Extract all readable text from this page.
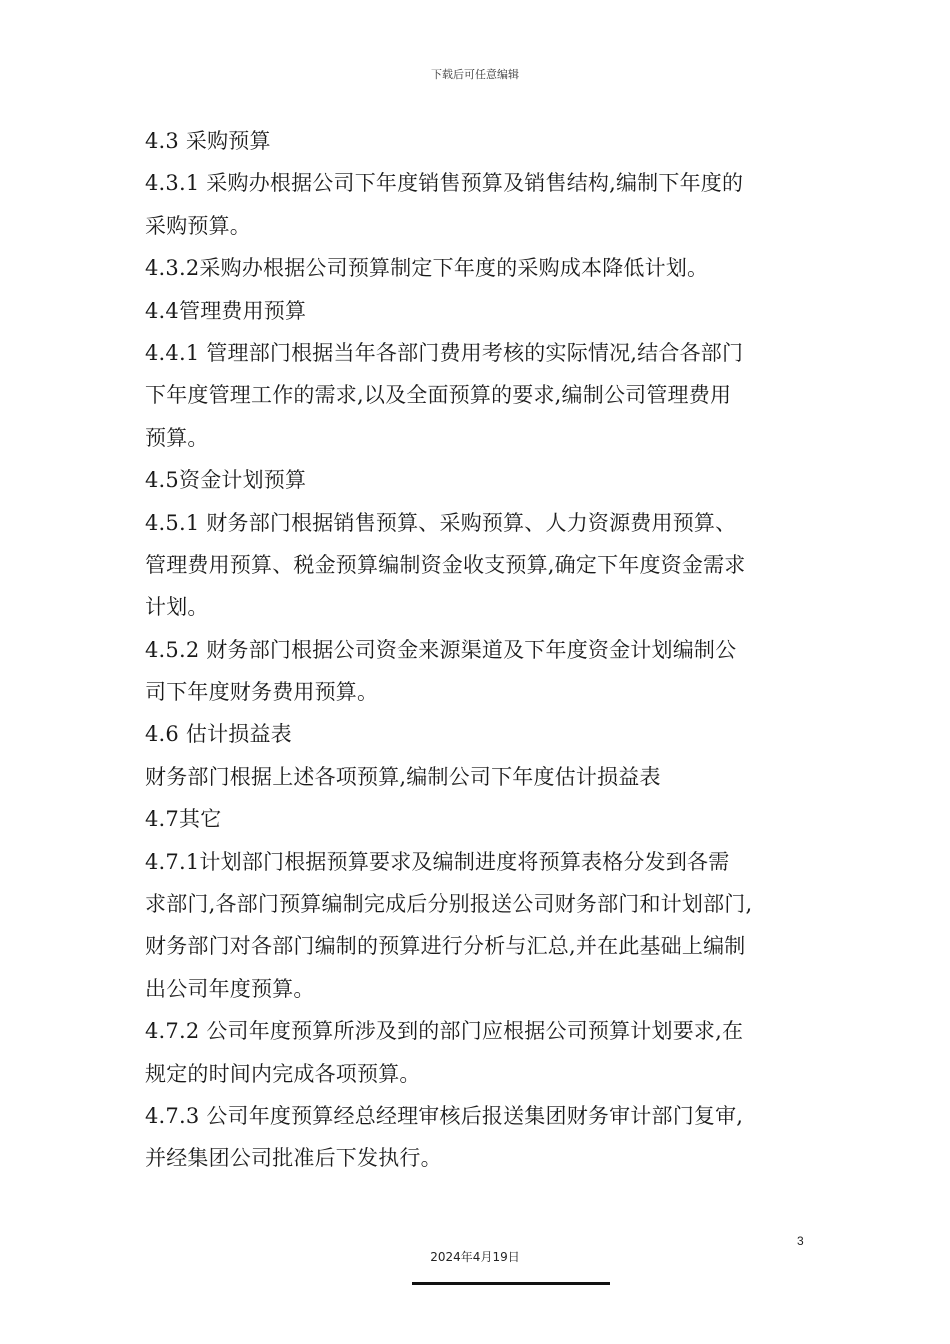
下载后可任意编辑
4.3 采购预算
4.3.1 采购办根据公司下年度销售预算及销售结构,编制下年度的
采购预算。
4.3.2采购办根据公司预算制定下年度的采购成本降低计划。
4.4管理费用预算
4.4.1 管理部门根据当年各部门费用考核的实际情况,结合各部门
下年度管理工作的需求,以及全面预算的要求,编制公司管理费用
预算。
4.5资金计划预算
4.5.1 财务部门根据销售预算、采购预算、人力资源费用预算、
管理费用预算、税金预算编制资金收支预算,确定下年度资金需求
计划。
4.5.2 财务部门根据公司资金来源渠道及下年度资金计划编制公
司下年度财务费用预算。
4.6 估计损益表
财务部门根据上述各项预算,编制公司下年度估计损益表
4.7其它
4.7.1计划部门根据预算要求及编制进度将预算表格分发到各需
求部门,各部门预算编制完成后分别报送公司财务部门和计划部门,
财务部门对各部门编制的预算进行分析与汇总,并在此基础上编制
出公司年度预算。
4.7.2 公司年度预算所涉及到的部门应根据公司预算计划要求,在
规定的时间内完成各项预算。
4.7.3 公司年度预算经总经理审核后报送集团财务审计部门复审,
并经集团公司批准后下发执行。
3
2024年4月19日
